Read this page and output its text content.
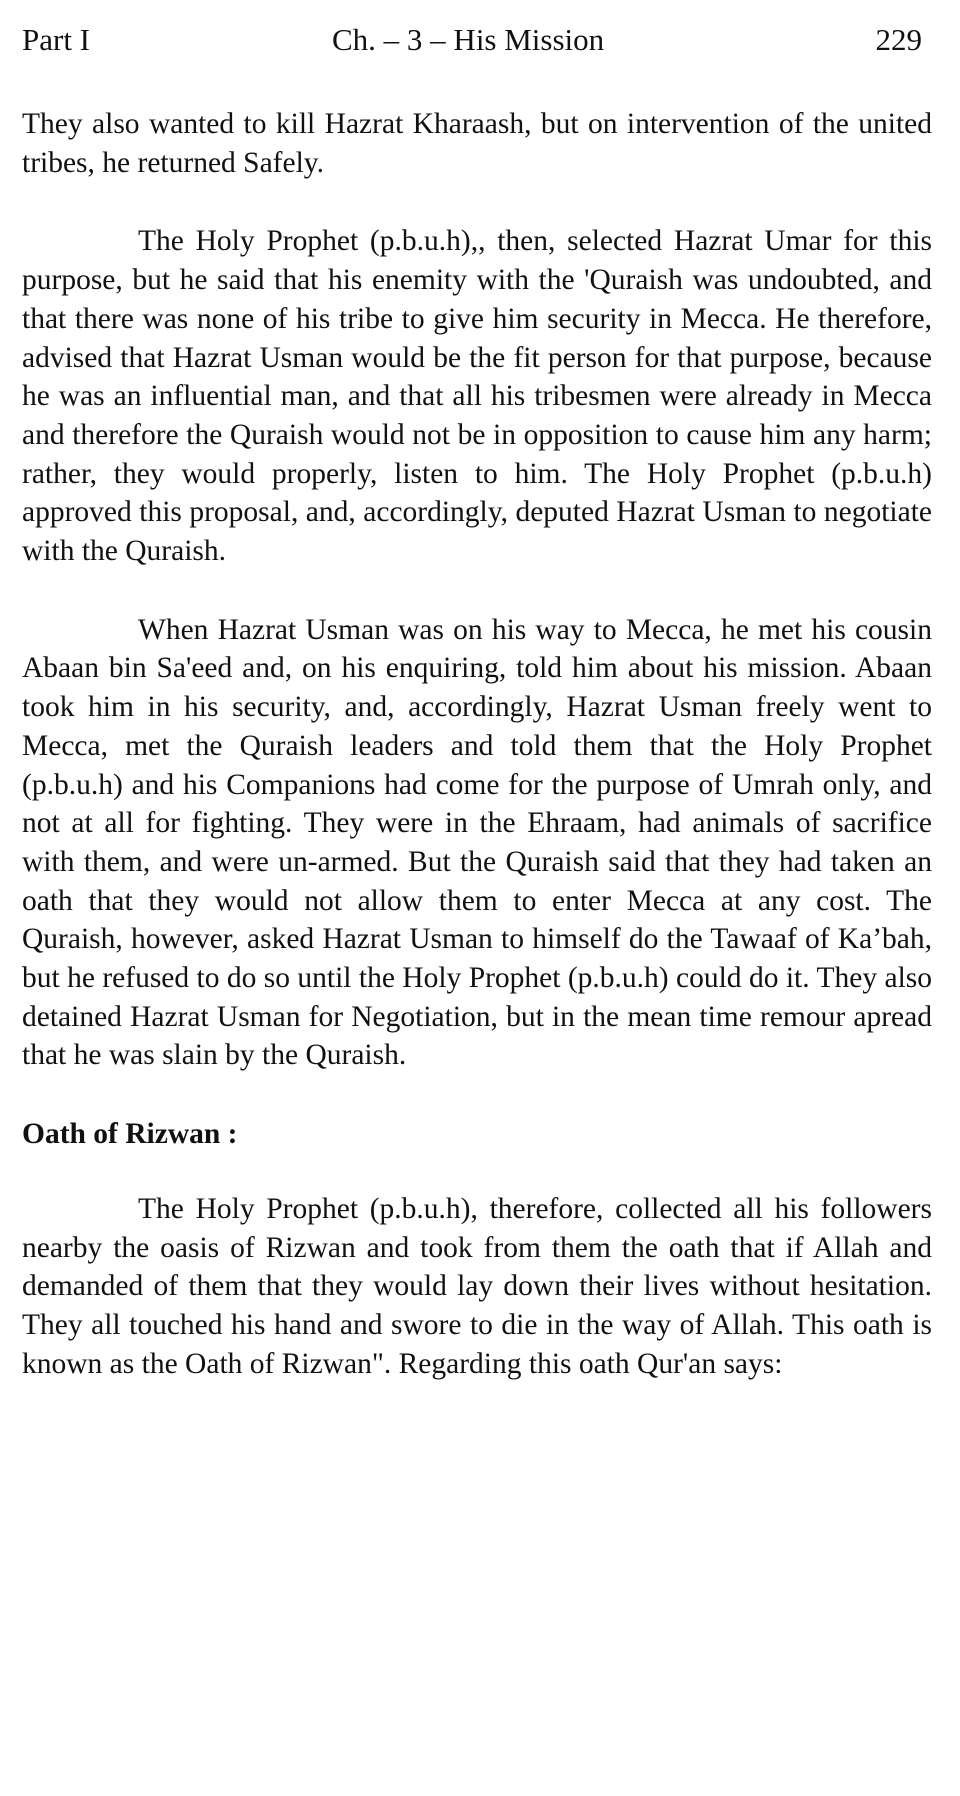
Part I	Ch. – 3 – His Mission	229

They also wanted to kill Hazrat Kharaash, but on intervention of the united tribes, he returned Safely.

The Holy Prophet (p.b.u.h),, then, selected Hazrat Umar for this purpose, but he said that his enemity with the 'Quraish was undoubted, and that there was none of his tribe to give him security in Mecca. He therefore, advised that Hazrat Usman would be the fit person for that purpose, because he was an influential man, and that all his tribesmen were already in Mecca and therefore the Quraish would not be in opposition to cause him any harm; rather, they would properly, listen to him. The Holy Prophet (p.b.u.h) approved this proposal, and, accordingly, deputed Hazrat Usman to negotiate with the Quraish.

When Hazrat Usman was on his way to Mecca, he met his cousin Abaan bin Sa'eed and, on his enquiring, told him about his mission. Abaan took him in his security, and, accordingly, Hazrat Usman freely went to Mecca, met the Quraish leaders and told them that the Holy Prophet (p.b.u.h) and his Companions had come for the purpose of Umrah only, and not at all for fighting. They were in the Ehraam, had animals of sacrifice with them, and were un-armed. But the Quraish said that they had taken an oath that they would not allow them to enter Mecca at any cost. The Quraish, however, asked Hazrat Usman to himself do the Tawaaf of Ka’bah, but he refused to do so until the Holy Prophet (p.b.u.h) could do it. They also detained Hazrat Usman for Negotiation, but in the mean time remour apread that he was slain by the Quraish.

Oath of Rizwan :

The Holy Prophet (p.b.u.h), therefore, collected all his followers nearby the oasis of Rizwan and took from them the oath that if Allah and demanded of them that they would lay down their lives without hesitation. They all touched his hand and swore to die in the way of Allah. This oath is known as the Oath of Rizwan". Regarding this oath Qur'an says:
